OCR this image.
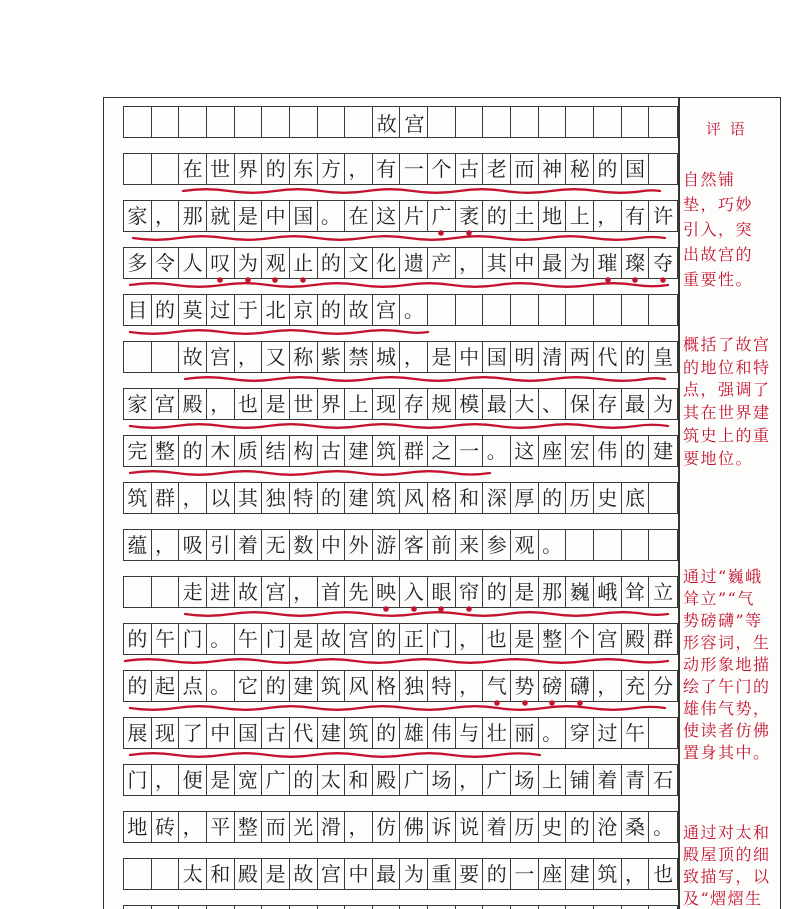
在 世 界 的 东 方 ， 有 一 个 古 老 而 神 秘 的 国
家 ， 那 就 是 中 国 。 在 这 片 广 袤 的 土 地 上 ， 有 许
多 令 人 叹 为 观 止 的 文 化 遗 产 ， 其 中 最 为 璀 璨 夺
目 的 莫 过 于 北 京 的 故 宫 。
故 宫 ， 又 称 紫 禁 城 ， 是 中 国 明 清 两 代 的 皇
家 宫 殿 ， 也 是 世 界 上 现 存 规 模 最 大 、 保 存 最 为
完 整 的 木 质 结 构 古 建 筑 群 之 一 。 这 座 宏 伟 的 建
筑 群 ， 以 其 独 特 的 建 筑 风 格 和 深 厚 的 历 史 底
蕴 ， 吸 引 着 无 数 中 外 游 客 前 来 参 观 。
走 进 故 宫 ， 首 先 映 入 眼 帘 的 是 那 巍 峨 耸 立
的 午 门 。 午 门 是 故 宫 的 正 门 ， 也 是 整 个 宫 殿 群
的 起 点 。 它 的 建 筑 风 格 独 特 ， 气 势 磅 礴 ， 充 分
展 现 了 中 国 古 代 建 筑 的 雄 伟 与 壮 丽 。 穿 过 午
门 ， 便 是 宽 广 的 太 和 殿 广 场 ， 广 场 上 铺 着 青 石
地 砖 ， 平 整 而 光 滑 ， 仿 佛 诉 说 着 历 史 的 沧 桑 。
太 和 殿 是 故 宫 中 最 为 重 要 的 一 座 建 筑 ， 也
故宫	评 语
自然铺
垫，巧妙
引入，突
出故宫的
重要性。
概括了故宫
的地位和特
点，强调了
其在世界建
筑史上的重
要地位。
通过“巍峨
耸立”“气
势磅礴”等
形容词，生
动形象地描
绘了午门的
雄伟气势，
使读者仿佛
置身其中。
通过对太和
殿屋顶的细
致描写，以
及“熠熠生
